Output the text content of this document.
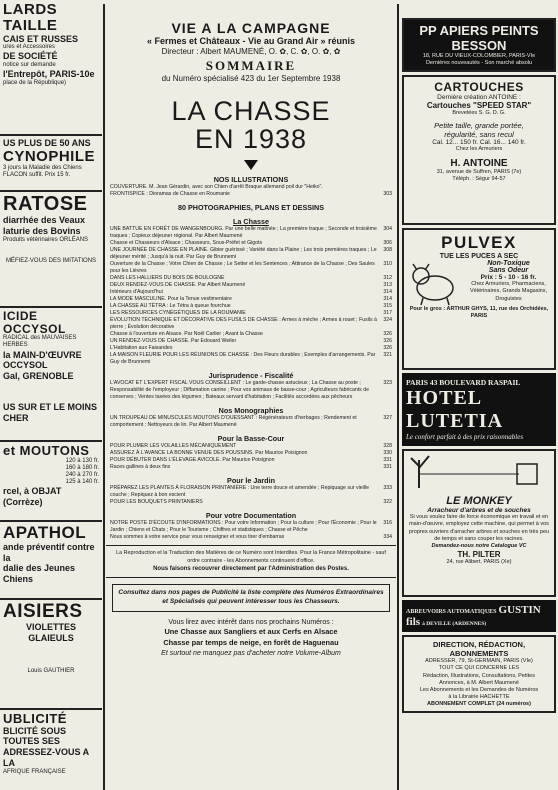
LARDS TAILLE

CAIS ET RUSSES

ures et Accessoires

DE SOCIÉTÉ

notice sur demande

l'Entrepôt, PARIS-10e

place de la République)

US PLUS DE 50 ANS

CYNOPHILE

3 jours la Maladie des Chiens

FLACON suffit. Prix 15 fr.

RATOSE

diarrhée des Veaux

laturie des Bovins

Produits vétérinaires ORLÉANS

MÉFIEZ-VOUS DES IMITATIONS

ICIDE OCCYSOL

RADICAL des MAUVAISES HERBES

la MAIN-D'ŒUVRE

OCCYSOL

Gal, GRENOBLE

US SUR ET LE MOINS CHER

et MOUTONS

120 à 130 fr.

160 à 180 fr.

240 à 270 fr.

125 à 140 fr.

rcel, à OBJAT (Corrèze)

APATHOL

ande préventif contre la

dalie des Jeunes Chiens

AISIERS

VIOLETTES

GLAIEULS

Louis GAUTHIER

UBLICITÉ

BLICITÉ SOUS TOUTES SES

ADRESSEZ-VOUS A LA

AFRIQUE FRANÇAISE

VIE A LA CAMPAGNE
« Fermes et Châteaux - Vie au Grand Air » réunis
Directeur : Albert MAUMENÉ, O. ✿, C. ✿, O. ✿, ✿
SOMMAIRE
du Numéro spécialisé 423 du 1er Septembre 1938
LA CHASSE
EN 1938
NOS ILLUSTRATIONS
COUVERTURE. M. Jean Gérardin, avec son Chien d'arrêt Braque allemand poil dur "Heiko".
FRONTISPICE : Dioramas de Chasse en Roumanie	303
80 PHOTOGRAPHIES, PLANS ET DESSINS
La Chasse
UNE BATTUE EN FORÊT DE WANGENBOURG. Par une belle matinée ; La première traque ; Seconde et troisième traques ; Copieux déjeuner régional. Par Albert Maumené
304
Chasse et Chasseurs d'Alsace ; Chasseurs, Sous-Préfet et Gigots	306
UNE JOURNÉE DE CHASSE EN PLAINE. Gibier guérissé ; Variété dans la Plaine ; Les trois premières traques ; Le déjeuner mérité ; Jusqu'à la nuit. Par Guy de Brunnemi
308
Ouverture de la Chasse ; Votre Chien de Chasse ; Le Setter et les Sentences ; Attirance de la Chasse ; Des Saules pour les Lièvres
310
DANS LES HALLIERS DU BOIS DE BOULOGNE	312
DEUX RENDEZ-VOUS DE CHASSE. Par Albert Maumené	313
Intérieurs d'Aujourd'hui	314
LA MODE MASCULINE. Pour la Tenue vestimentaire	314
LA CHASSE AU TÉTRA : Le Tétra à queue fourchue	315
LES RESSOURCES CYNÉGÉTIQUES DE LA ROUMANIE	317
ÉVOLUTION TECHNIQUE ET DÉCORATIVE DES FUSILS DE CHASSE : Armes à mèche ; Armes à rouet ; Fusils à pierre ; Évolution décorative
324
Chasse à l'ouverture en Alsace. Par Noël Carlier ; Avant la Chasse	326
UN RENDEZ-VOUS DE CHASSE. Par Edouard Weiler	326
L'Habitation aux Faisandes	326
LA MAISON FLEURIE POUR LES RÉUNIONS DE CHASSE : Des Fleurs durables ; Exemples d'arrangements. Par Guy de Brunnemi
321
Jurisprudence - Fiscalité
L'AVOCAT ET L'EXPERT FISCAL VOUS CONSEILLENT : Le garde-chasse astucieux ; La Chasse au poste ; Responsabilité de l'employeur ; Diffamation canine ; Pour vos animaux de basse-cour ; Agriculteurs fabricants de conserves ; Ventes taxées des légumes ; Bateaux servant d'habitation ; Facilités accordées aux pêcheurs
323
Nos Monographies
UN TROUPEAU DE MINUSCULES MOUTONS D'OUESSANT : Régénérateurs d'herbages ; Rendement et comportement ; Nettoyeurs de lin. Par Albert Maumené
327
Pour la Basse-Cour
POUR PLUMER LES VOLAILLES MÉCANIQUEMENT	328
ASSUREZ À L'AVANCE LA BONNE VENUE DES POUSSINS. Par Maurice Poisignon	330
POUR DÉBUTER DANS L'ÉLEVAGE AVICOLE. Par Maurice Poisignon	331
Races gallines à deux fins	331
Pour le Jardin
PRÉPAREZ LES PLANTES À FLORAISON PRINTANIÈRE : Une terre douce et amendée ; Repiquage sur vieille couche ; Repiquez à bon escient
333
POUR LES BOUQUETS PRINTANIERS	322
Pour votre Documentation
NOTRE POSTE D'ÉCOUTE D'INFORMATIONS : Pour votre Information ; Pour la culture ; Pour l'Économie ; Pour le Jardin ; Chiens et Chats ; Pour le Tourisme ; Chiffres et statistiques ; Chasse et Pêche
316
Nous sommes à votre service pour vous renseigner et vous tirer d'embarras	334
La Reproduction et la Traduction des Matières de ce Numéro sont Interdites. Pour la France Métropolitaine - sauf ordre contraire - les Abonnements continuent d'office.
Nous faisons recouvrer directement par l'Administration des Postes.
Consultez dans nos pages de Publicité la liste complète des Numéros Extraordinaires et Spécialisés qui peuvent intéresser tous les Chasseurs.
Vous lirez avec intérêt dans nos prochains Numéros :
Une Chasse aux Sangliers et aux Cerfs en Alsace
Chasse par temps de neige, en forêt de Haguenau
Et surtout ne manquez pas d'acheter notre Volume-Album
PP APIERS PEINTS BESSON
18, RUE DU VIEUX-COLOMBIER, PARIS-VIe
Dernières nouveautés - Son marché absolu
CARTOUCHES
Dernière création ANTOINE :
Cartouches "SPEED STAR"
Brevetées S. G. D. G.
Petite taille, grande portée,
régularité, sans recul
Cal. 12... 150 fr. Cal. 16... 140 fr.
Chez les Armuriers
H. ANTOINE
31, avenue de Suffren, PARIS (7e)
Téléph. : Ségur 94-57
PULVEX
TUE LES PUCES A SEC
Non-Toxique
Sans Odeur
Prix : 5 - 10 - 16 fr.
Chez Armuriers, Pharmaciens, Vétérinaires, Grands Magasins, Droguistes
Pour le gros : ARTHUR GHYS, 11, rue des Orchidées, PARIS
PARIS 43 BOULEVARD RASPAIL
HOTEL LUTETIA
Le confort parfait à des prix raisonnables
LE MONKEY
Arracheur d'arbres et de souches
Si vous voulez faire de force économique en travail et en main-d'œuvre, employez cette machine, qui permet à vos propres ouvriers d'arracher arbres et souches en très peu de temps et sans couper les racines.
Demandez-nous notre Catalogue VC
TH. PILTER
24, rue Alibert, PARIS (Xe)
ABREUVOIRS AUTOMATIQUES GUSTIN fils à DEVILLE (ARDENNES)
DIRECTION, RÉDACTION, ABONNEMENTS
ADRESSER, 79, St-GERMAIN, PARIS (VIe)
TOUT CE QUI CONCERNE LES
Rédaction, Illustrations, Consultations, Petites
Annonces, à M. Albert Maumené
Les Abonnements et les Demandes de Numéros
à la Librairie HACHETTE
ABONNEMENT COMPLET (24 numéros)
